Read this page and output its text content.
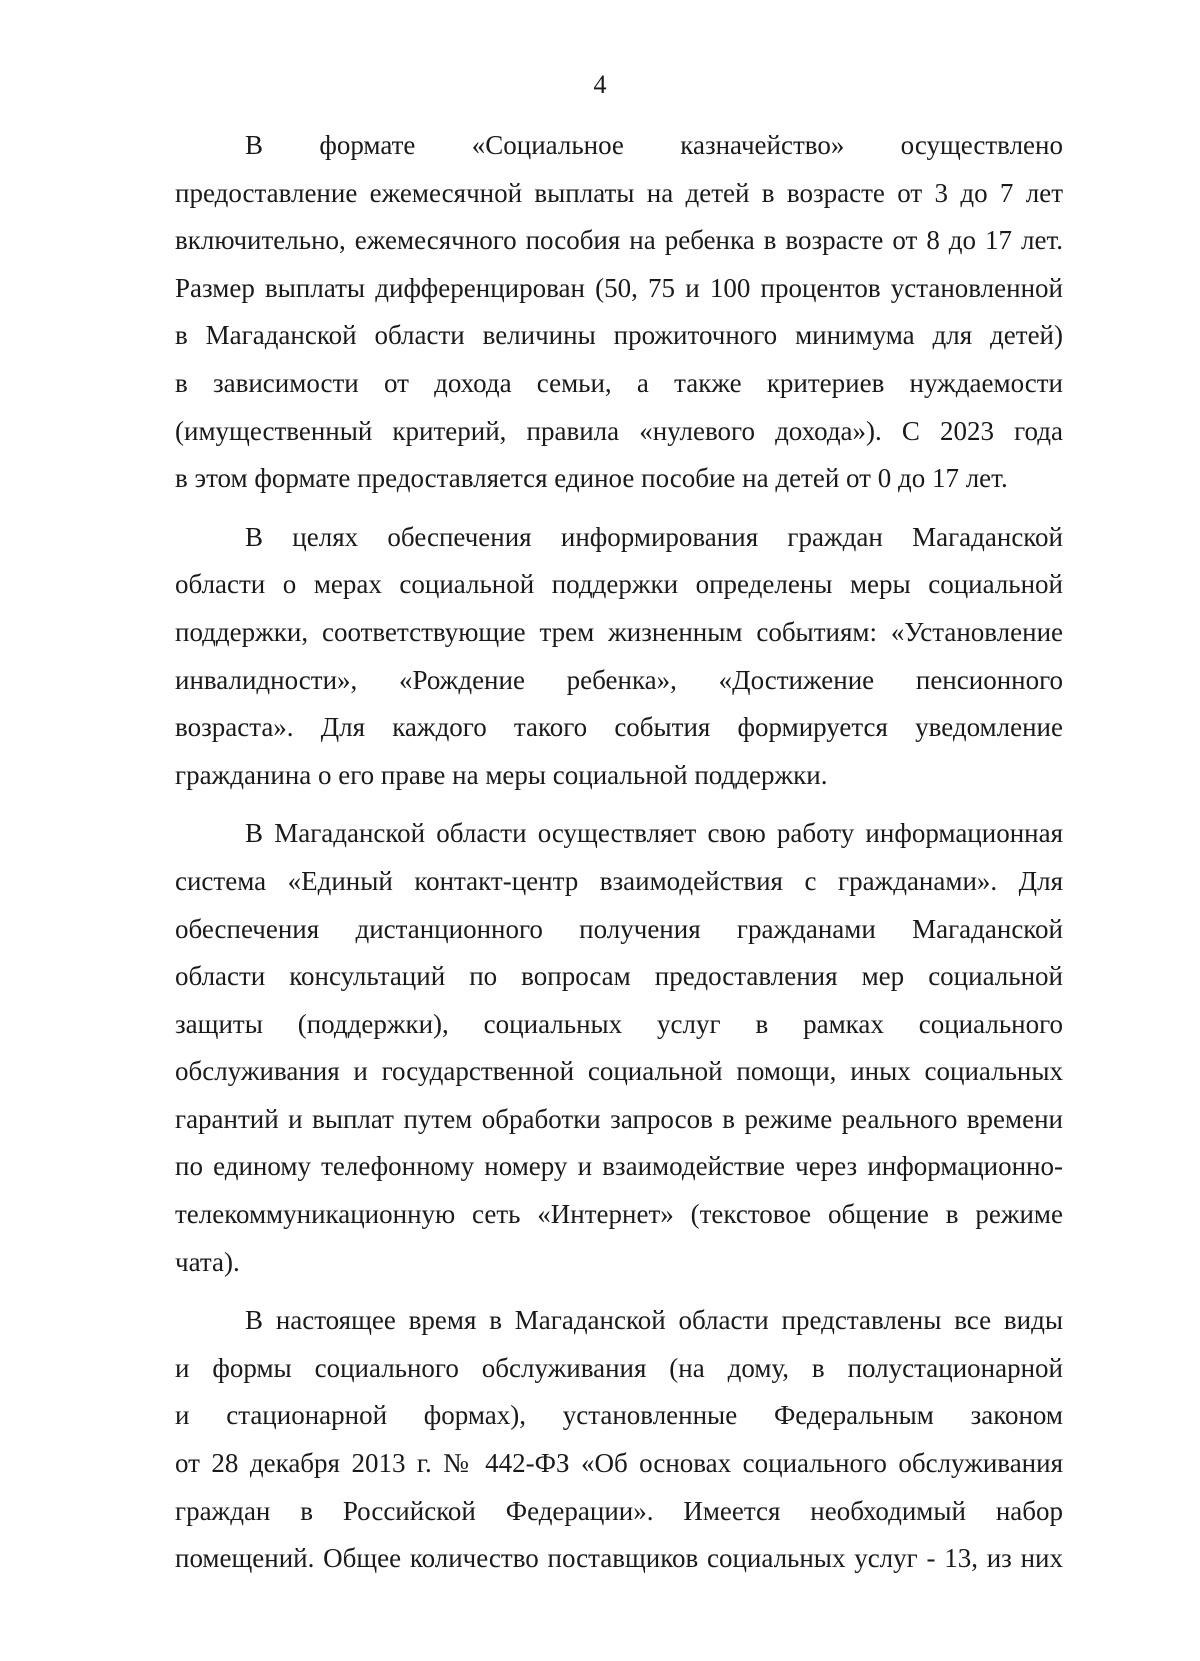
4

В формате «Социальное казначейство» осуществлено
предоставление ежемесячной выплаты на детей в возрасте от 3 до 7 лет
включительно, ежемесячного пособия на ребенка в возрасте от 8 до 17 лет.
Размер выплаты дифференцирован (50, 75 и 100 процентов установленной
в Магаданской области величины прожиточного минимума для детей)
в зависимости от дохода семьи, а также критериев нуждаемости
(имущественный критерий, правила «нулевого дохода»). С 2023 года
в этом формате предоставляется единое пособие на детей от 0 до 17 лет.

В целях обеспечения информирования граждан Магаданской
области о мерах социальной поддержки определены меры социальной
поддержки, соответствующие трем жизненным событиям: «Установление
инвалидности», «Рождение ребенка», «Достижение пенсионного
возраста». Для каждого такого события формируется уведомление
гражданина о его праве на меры социальной поддержки.

В Магаданской области осуществляет свою работу информационная
система «Единый контакт-центр взаимодействия с гражданами». Для
обеспечения дистанционного получения гражданами Магаданской
области консультаций по вопросам предоставления мер социальной
защиты (поддержки), социальных услуг в рамках социального
обслуживания и государственной социальной помощи, иных социальных
гарантий и выплат путем обработки запросов в режиме реального времени
по единому телефонному номеру и взаимодействие через информационно-
телекоммуникационную сеть «Интернет» (текстовое общение в режиме
чата).

В настоящее время в Магаданской области представлены все виды
и формы социального обслуживания (на дому, в полустационарной
и стационарной формах), установленные Федеральным законом
от 28 декабря 2013 г. № 442-ФЗ «Об основах социального обслуживания
граждан в Российской Федерации». Имеется необходимый набор
помещений. Общее количество поставщиков социальных услуг - 13, из них
